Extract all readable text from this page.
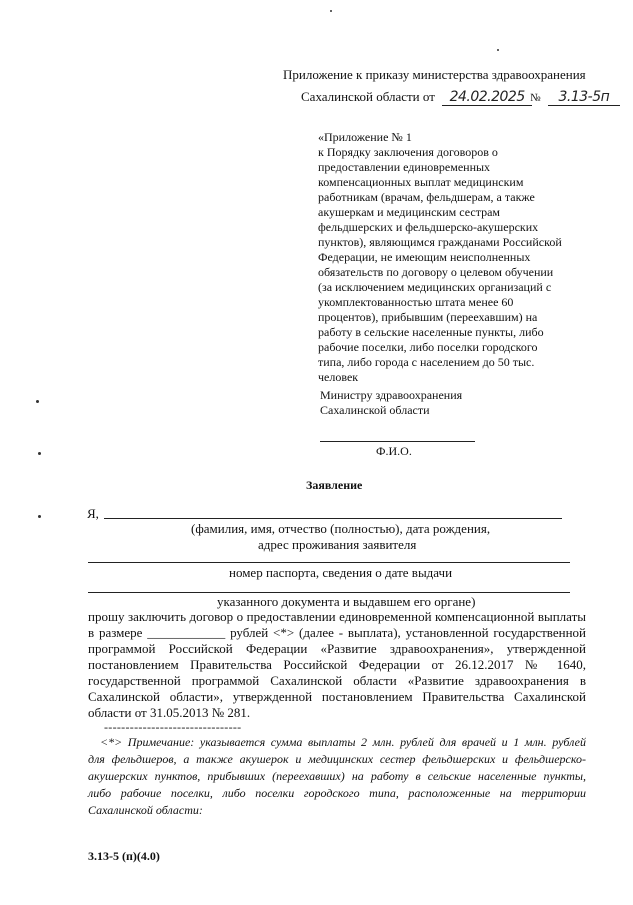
Приложение к приказу министерства здравоохранения
Сахалинской области от 24.02.2025 № 3.13-5п
«Приложение № 1
к Порядку заключения договоров о
предоставлении единовременных
компенсационных выплат медицинским
работникам (врачам, фельдшерам, а также
акушеркам и медицинским сестрам
фельдшерских и фельдшерско-акушерских
пунктов), являющимся гражданами Российской
Федерации, не имеющим неисполненных
обязательств по договору о целевом обучении
(за исключением медицинских организаций с
укомплектованностью штата менее 60
процентов), прибывшим (переехавшим) на
работу в сельские населенные пункты, либо
рабочие поселки, либо поселки городского
типа, либо города с населением до 50 тыс.
человек
Министру здравоохранения
Сахалинской области
Ф.И.О.
Заявление
Я,
(фамилия, имя, отчество (полностью), дата рождения,
адрес проживания заявителя
номер паспорта, сведения о дате выдачи
указанного документа и выдавшем его органе)
прошу заключить договор о предоставлении единовременной компенсационной выплаты
в размере ____________ рублей <*> (далее - выплата), установленной государственной
программой Российской Федерации «Развитие здравоохранения», утвержденной
постановлением Правительства Российской Федерации от 26.12.2017 № 1640,
государственной программой Сахалинской области «Развитие здравоохранения в
Сахалинской области», утвержденной постановлением Правительства Сахалинской
области от 31.05.2013 № 281.
--------------------------------
<*> Примечание: указывается сумма выплаты 2 млн. рублей для врачей и 1 млн. рублей
для фельдшеров, а также акушерок и медицинских сестер фельдшерских и фельдшерско-
акушерских пунктов, прибывших (переехавших) на работу в сельские населенные пункты,
либо рабочие поселки, либо поселки городского типа, расположенные на территории
Сахалинской области:
3.13-5 (п)(4.0)
